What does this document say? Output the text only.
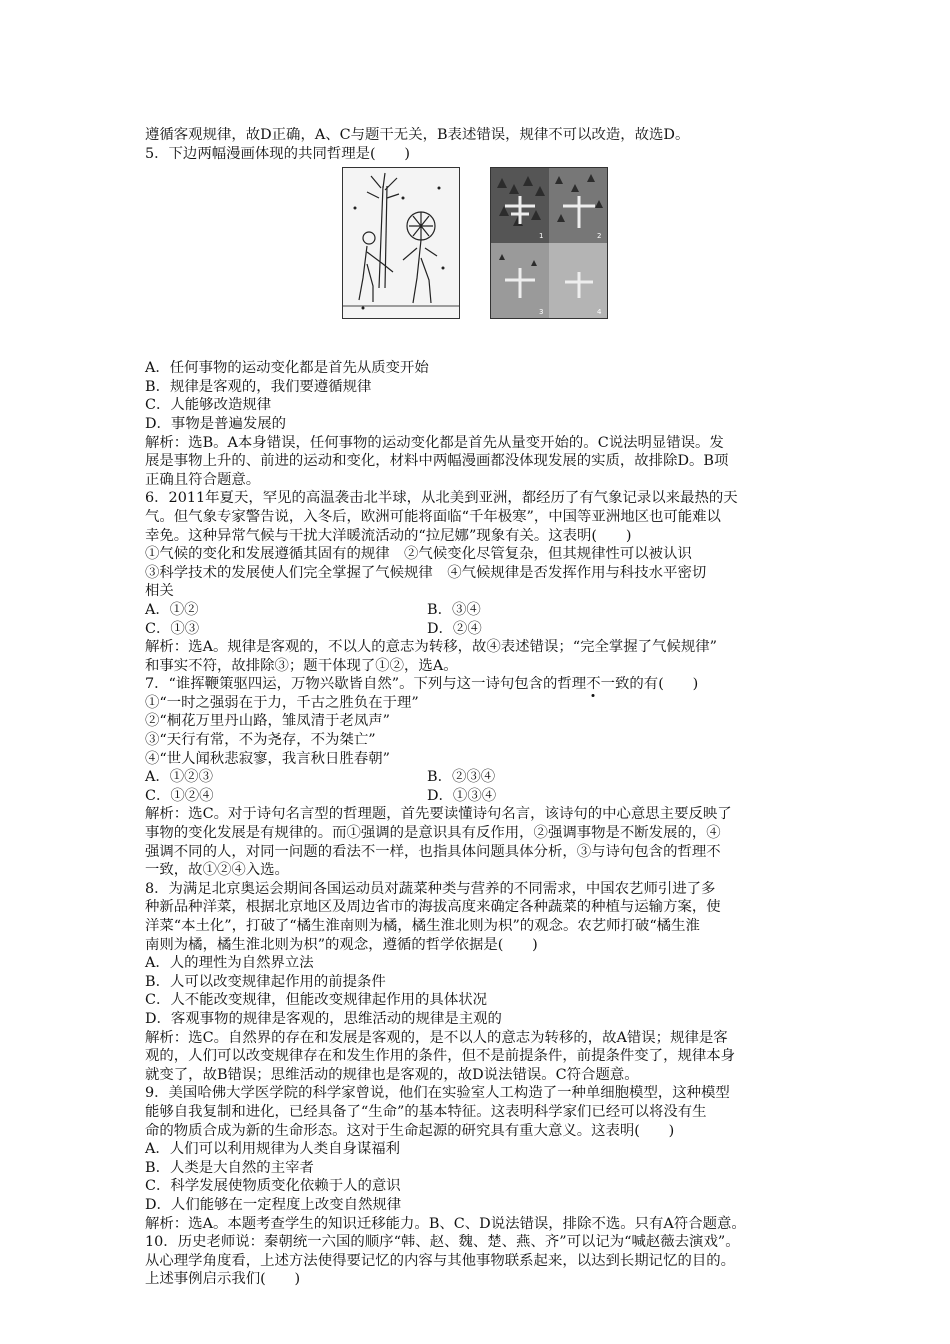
遵循客观规律，故D正确，A、C与题干无关，B表述错误，规律不可以改造，故选D。
5．下边两幅漫画体现的共同哲理是(　　)
1	2
3	4
A．任何事物的运动变化都是首先从质变开始
B．规律是客观的，我们要遵循规律
C．人能够改造规律
D．事物是普遍发展的
解析：选B。A本身错误，任何事物的运动变化都是首先从量变开始的。C说法明显错误。发
展是事物上升的、前进的运动和变化，材料中两幅漫画都没体现发展的实质，故排除D。B项
正确且符合题意。
6．2011年夏天，罕见的高温袭击北半球，从北美到亚洲，都经历了有气象记录以来最热的天
气。但气象专家警告说，入冬后，欧洲可能将面临“千年极寒”，中国等亚洲地区也可能难以
幸免。这种异常气候与干扰大洋暖流活动的“拉尼娜”现象有关。这表明(　　)
①气候的变化和发展遵循其固有的规律　②气候变化尽管复杂，但其规律性可以被认识
③科学技术的发展使人们完全掌握了气候规律　④气候规律是否发挥作用与科技水平密切
相关
A．①②	B．③④
C．①③	D．②④
解析：选A。规律是客观的，不以人的意志为转移，故④表述错误；“完全掌握了气候规律”
和事实不符，故排除③；题干体现了①②，选A。
7．“谁挥鞭策驱四运，万物兴歇皆自然”。下列与这一诗句包含的哲理不一致的有(　　)
①“一时之强弱在于力，千古之胜负在于理”
②“桐花万里丹山路，雏凤清于老凤声”
③“天行有常，不为尧存，不为桀亡”
④“世人闻秋悲寂寥，我言秋日胜春朝”
A．①②③	B．②③④
C．①②④	D．①③④
解析：选C。对于诗句名言型的哲理题，首先要读懂诗句名言，该诗句的中心意思主要反映了
事物的变化发展是有规律的。而①强调的是意识具有反作用，②强调事物是不断发展的，④
强调不同的人，对同一问题的看法不一样，也指具体问题具体分析，③与诗句包含的哲理不
一致，故①②④入选。
8．为满足北京奥运会期间各国运动员对蔬菜种类与营养的不同需求，中国农艺师引进了多
种新品种洋菜，根据北京地区及周边省市的海拔高度来确定各种蔬菜的种植与运输方案，使
洋菜“本土化”，打破了“橘生淮南则为橘，橘生淮北则为枳”的观念。农艺师打破“橘生淮
南则为橘，橘生淮北则为枳”的观念，遵循的哲学依据是(　　)
A．人的理性为自然界立法
B．人可以改变规律起作用的前提条件
C．人不能改变规律，但能改变规律起作用的具体状况
D．客观事物的规律是客观的，思维活动的规律是主观的
解析：选C。自然界的存在和发展是客观的，是不以人的意志为转移的，故A错误；规律是客
观的，人们可以改变规律存在和发生作用的条件，但不是前提条件，前提条件变了，规律本身
就变了，故B错误；思维活动的规律也是客观的，故D说法错误。C符合题意。
9．美国哈佛大学医学院的科学家曾说，他们在实验室人工构造了一种单细胞模型，这种模型
能够自我复制和进化，已经具备了“生命”的基本特征。这表明科学家们已经可以将没有生
命的物质合成为新的生命形态。这对于生命起源的研究具有重大意义。这表明(　　)
A．人们可以利用规律为人类自身谋福利
B．人类是大自然的主宰者
C．科学发展使物质变化依赖于人的意识
D．人们能够在一定程度上改变自然规律
解析：选A。本题考查学生的知识迁移能力。B、C、D说法错误，排除不选。只有A符合题意。
10．历史老师说：秦朝统一六国的顺序“韩、赵、魏、楚、燕、齐”可以记为“喊赵薇去演戏”。
从心理学角度看，上述方法使得要记忆的内容与其他事物联系起来，以达到长期记忆的目的。
上述事例启示我们(　　)
